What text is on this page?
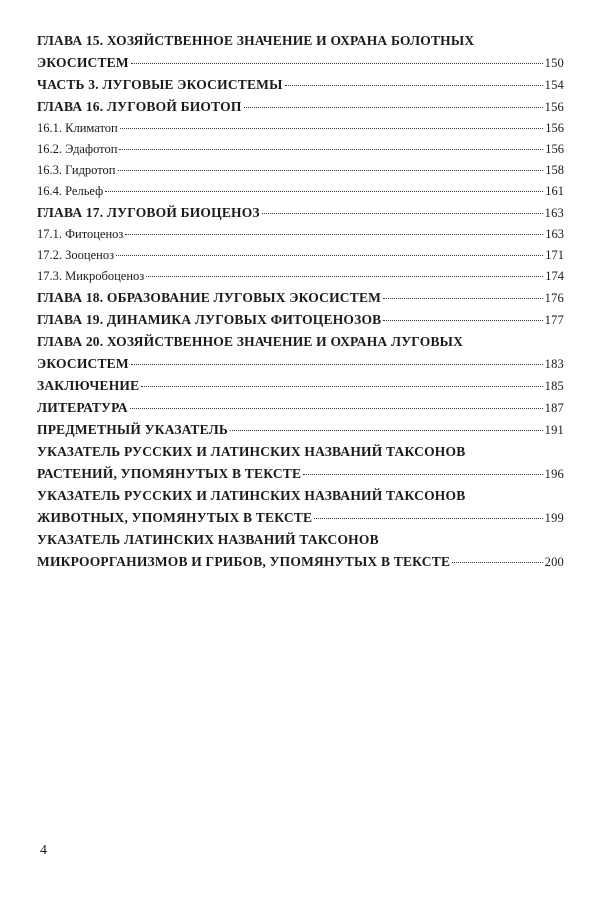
ГЛАВА 15. ХОЗЯЙСТВЕННОЕ ЗНАЧЕНИЕ И ОХРАНА БОЛОТНЫХ
ЭКОСИСТЕМ	150
ЧАСТЬ 3. ЛУГОВЫЕ ЭКОСИСТЕМЫ	154
ГЛАВА 16. ЛУГОВОЙ БИОТОП	156
16.1. Климатоп	156
16.2. Эдафотоп	156
16.3. Гидротоп	158
16.4. Рельеф	161
ГЛАВА 17. ЛУГОВОЙ БИОЦЕНОЗ	163
17.1. Фитоценоз	163
17.2. Зооценоз	171
17.3. Микробоценоз	174
ГЛАВА 18. ОБРАЗОВАНИЕ ЛУГОВЫХ ЭКОСИСТЕМ	176
ГЛАВА 19. ДИНАМИКА ЛУГОВЫХ ФИТОЦЕНОЗОВ	177
ГЛАВА 20. ХОЗЯЙСТВЕННОЕ ЗНАЧЕНИЕ И ОХРАНА ЛУГОВЫХ
ЭКОСИСТЕМ	183
ЗАКЛЮЧЕНИЕ	185
ЛИТЕРАТУРА	187
ПРЕДМЕТНЫЙ УКАЗАТЕЛЬ	191
УКАЗАТЕЛЬ РУССКИХ И ЛАТИНСКИХ НАЗВАНИЙ ТАКСОНОВ
РАСТЕНИЙ, УПОМЯНУТЫХ В ТЕКСТЕ	196
УКАЗАТЕЛЬ РУССКИХ И ЛАТИНСКИХ НАЗВАНИЙ ТАКСОНОВ
ЖИВОТНЫХ, УПОМЯНУТЫХ В ТЕКСТЕ	199
УКАЗАТЕЛЬ ЛАТИНСКИХ НАЗВАНИЙ ТАКСОНОВ
МИКРООРГАНИЗМОВ И ГРИБОВ, УПОМЯНУТЫХ В ТЕКСТЕ	200
4
